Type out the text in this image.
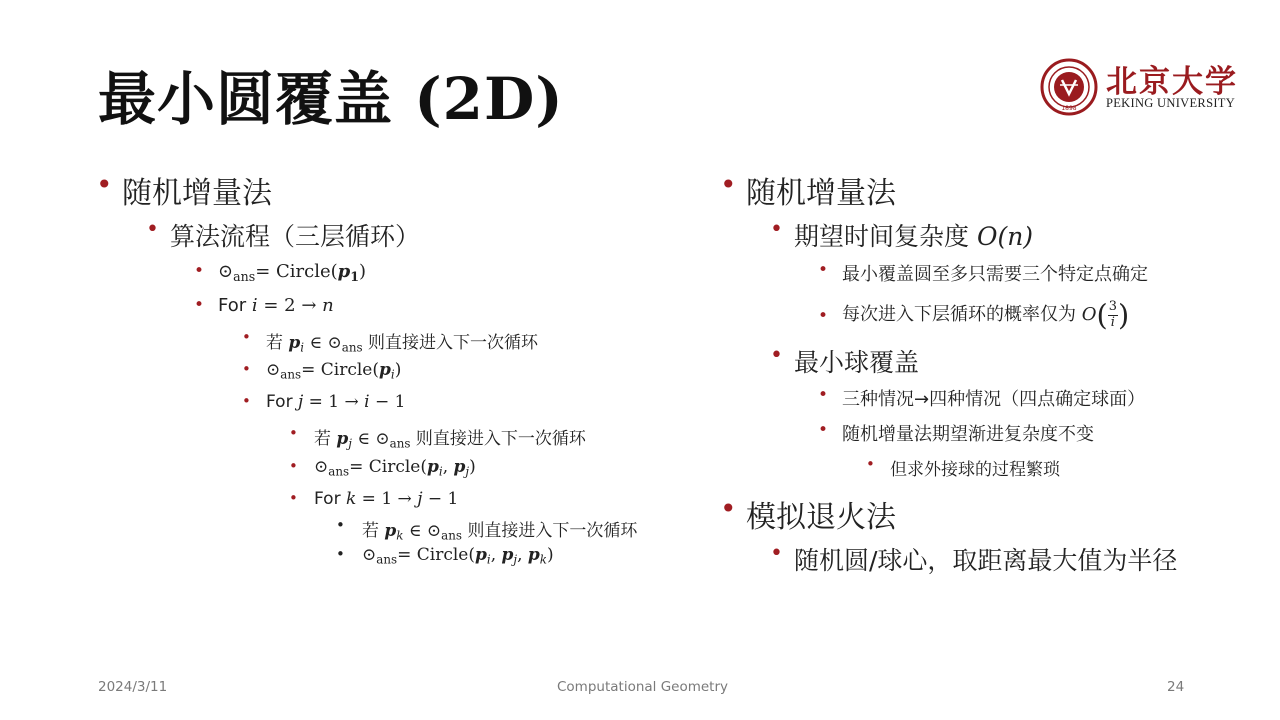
最小圆覆盖 (2D)	1898
北京大学
PEKING UNIVERSITY
• 随机增量法
• 算法流程（三层循环）
• $⊙_{ans}=$ $Circle(p_1)$
• For i = 2 → n
• 若 $p_i$ ∈ $⊙_{ans}$ 则直接进入下一次循环
• $⊙_{ans}=$ $Circle(p_i)$
• For j = 1 → i − 1
• 若 $p_j$ ∈ $⊙_{ans}$ 则直接进入下一次循环
• $⊙_{ans}=$ $Circle(p_i$, $p_j$)
• For k = 1 → j − 1
• 若 $p_k$ ∈ $⊙_{ans}$ 则直接进入下一次循环
• $⊙_{ans}=$ $Circle(p_i$, $p_j$, $p_k$)
• 随机增量法
• 期望时间复杂度 O(n)
• 最小覆盖圆至多只需要三个特定点确定
• 每次进入下层循环的概率仅为 $O( \frac{3}{i}$ )
• 最小球覆盖
• 三种情况→四种情况（四点确定球面）
• 随机增量法期望渐进复杂度不变
• 但求外接球的过程繁琐
• 模拟退火法
• 随机圆/球心，取距离最大值为半径
2024/3/11	Computational Geometry	24
